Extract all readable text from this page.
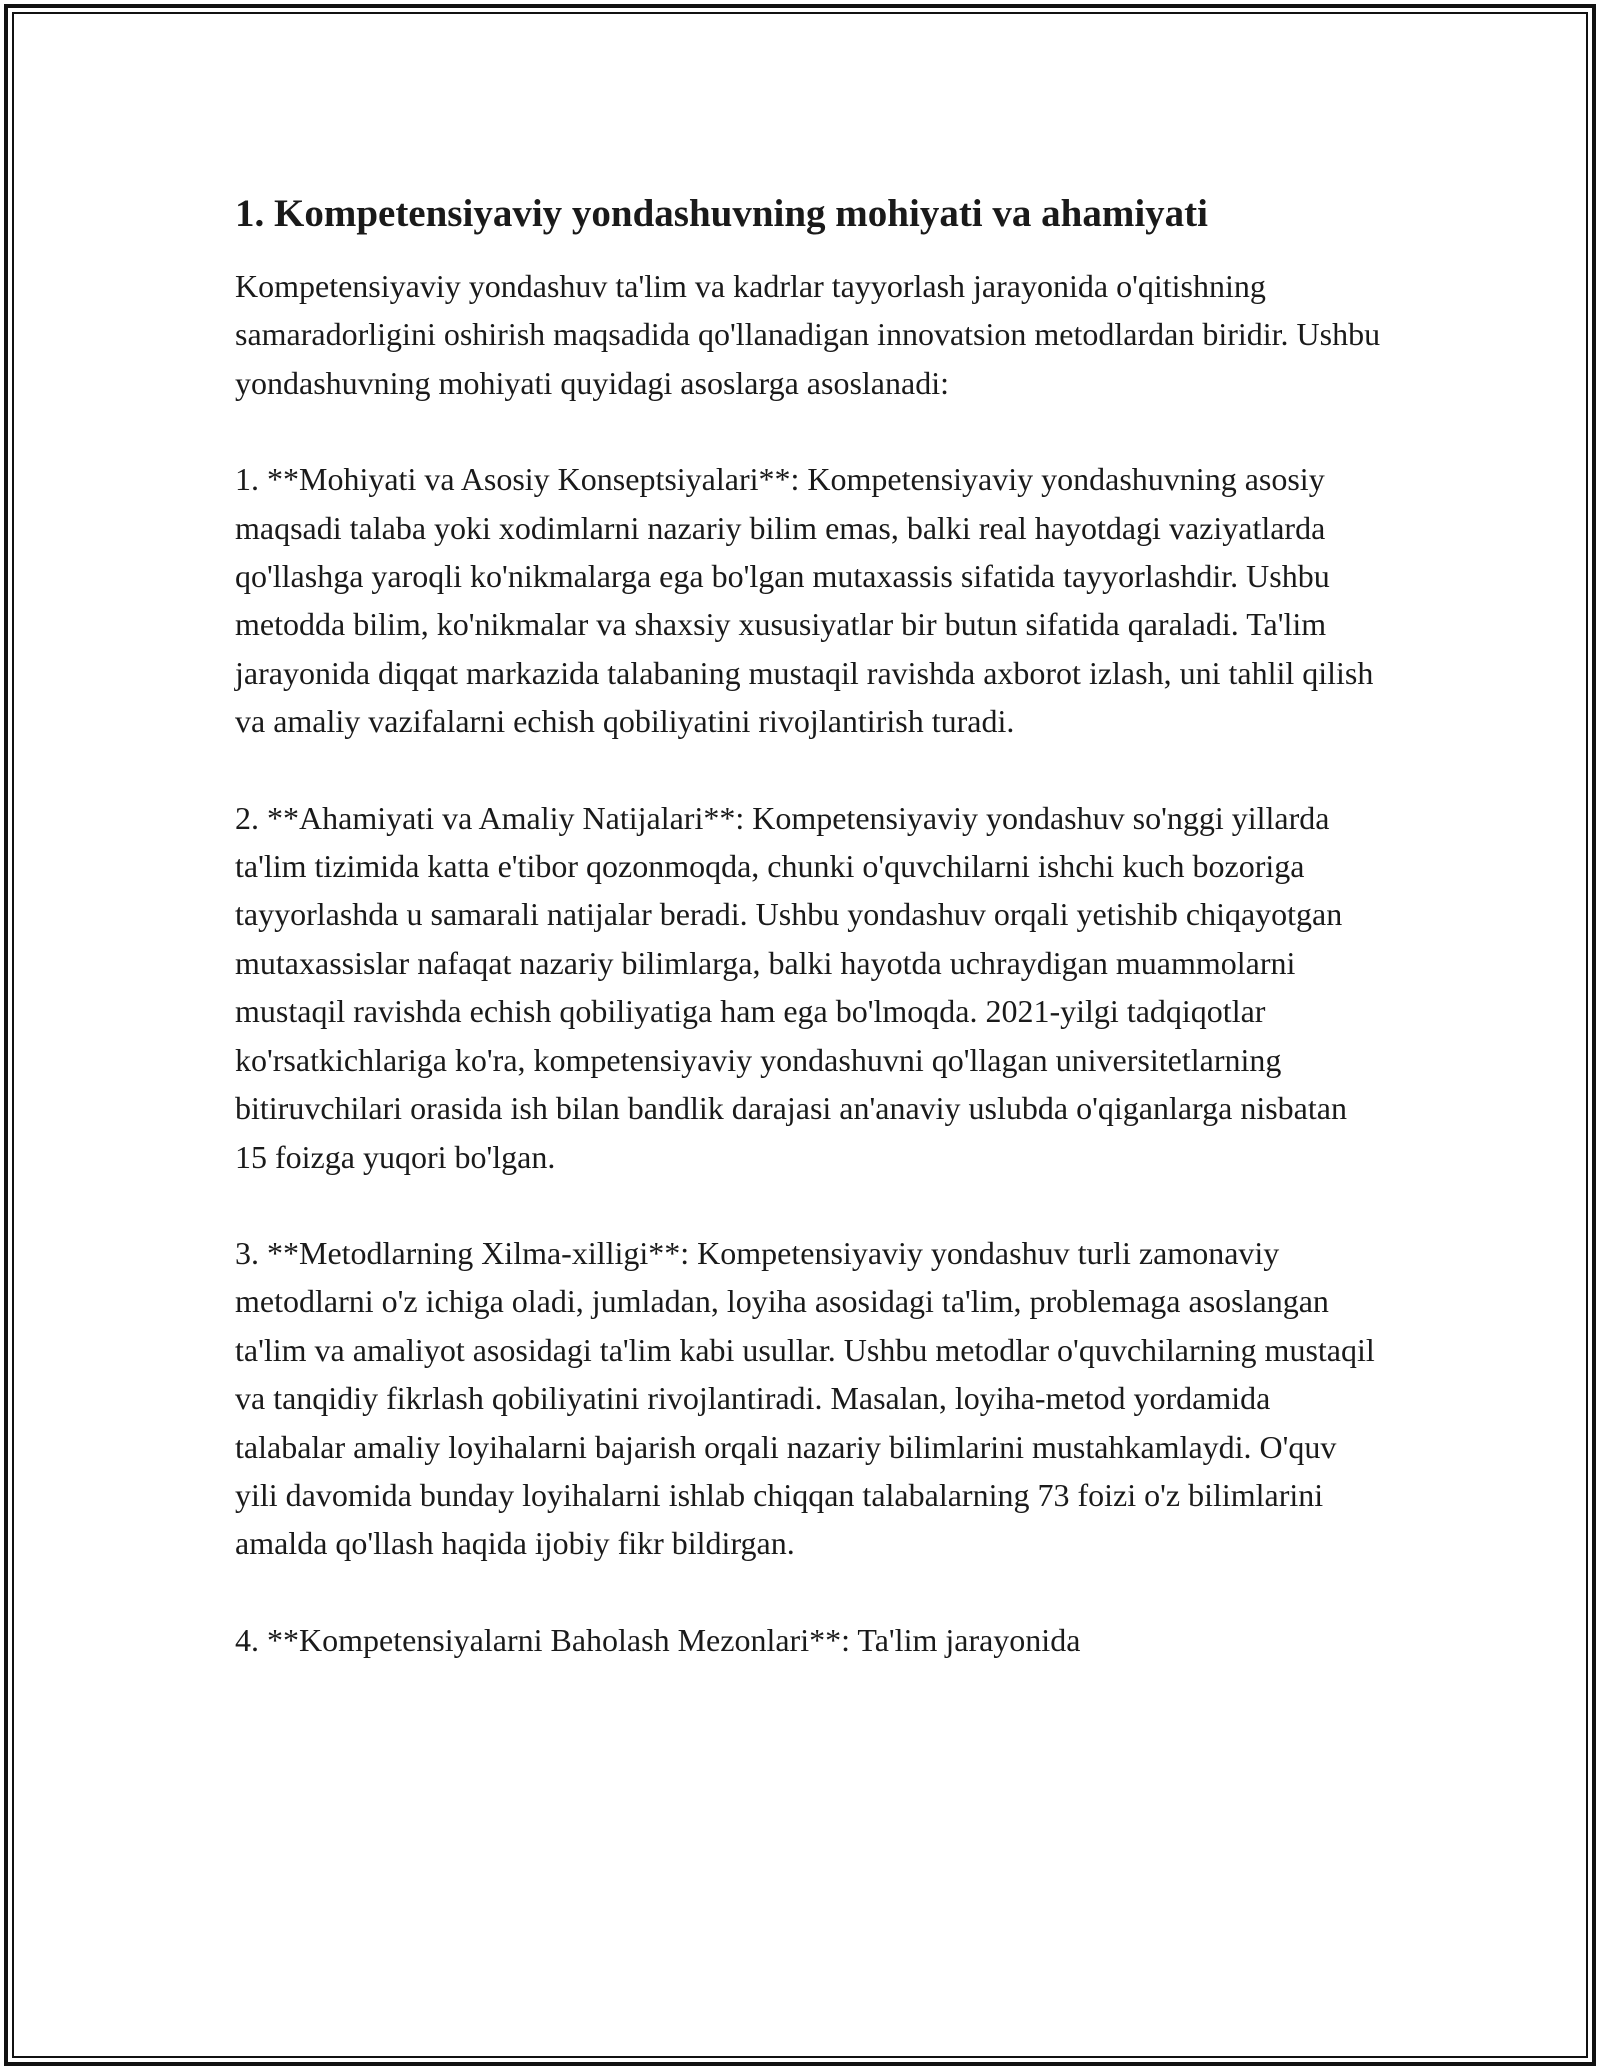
1. Kompetensiyaviy yondashuvning mohiyati va ahamiyati

Kompetensiyaviy yondashuv ta'lim va kadrlar tayyorlash jarayonida o'qitishning samaradorligini oshirish maqsadida qo'llanadigan innovatsion metodlardan biridir. Ushbu yondashuvning mohiyati quyidagi asoslarga asoslanadi:

1. **Mohiyati va Asosiy Konseptsiyalari**: Kompetensiyaviy yondashuvning asosiy maqsadi talaba yoki xodimlarni nazariy bilim emas, balki real hayotdagi vaziyatlarda qo'llashga yaroqli ko'nikmalarga ega bo'lgan mutaxassis sifatida tayyorlashdir. Ushbu metodda bilim, ko'nikmalar va shaxsiy xususiyatlar bir butun sifatida qaraladi. Ta'lim jarayonida diqqat markazida talabaning mustaqil ravishda axborot izlash, uni tahlil qilish va amaliy vazifalarni echish qobiliyatini rivojlantirish turadi.

2. **Ahamiyati va Amaliy Natijalari**: Kompetensiyaviy yondashuv so'nggi yillarda ta'lim tizimida katta e'tibor qozonmoqda, chunki o'quvchilarni ishchi kuch bozoriga tayyorlashda u samarali natijalar beradi. Ushbu yondashuv orqali yetishib chiqayotgan mutaxassislar nafaqat nazariy bilimlarga, balki hayotda uchraydigan muammolarni mustaqil ravishda echish qobiliyatiga ham ega bo'lmoqda. 2021-yilgi tadqiqotlar ko'rsatkichlariga ko'ra, kompetensiyaviy yondashuvni qo'llagan universitetlarning bitiruvchilari orasida ish bilan bandlik darajasi an'anaviy uslubda o'qiganlarga nisbatan 15 foizga yuqori bo'lgan.

3. **Metodlarning Xilma-xilligi**: Kompetensiyaviy yondashuv turli zamonaviy metodlarni o'z ichiga oladi, jumladan, loyiha asosidagi ta'lim, problemaga asoslangan ta'lim va amaliyot asosidagi ta'lim kabi usullar. Ushbu metodlar o'quvchilarning mustaqil va tanqidiy fikrlash qobiliyatini rivojlantiradi. Masalan, loyiha-metod yordamida talabalar amaliy loyihalarni bajarish orqali nazariy bilimlarini mustahkamlaydi. O'quv yili davomida bunday loyihalarni ishlab chiqqan talabalarning 73 foizi o'z bilimlarini amalda qo'llash haqida ijobiy fikr bildirgan.

4. **Kompetensiyalarni Baholash Mezonlari**: Ta'lim jarayonida
